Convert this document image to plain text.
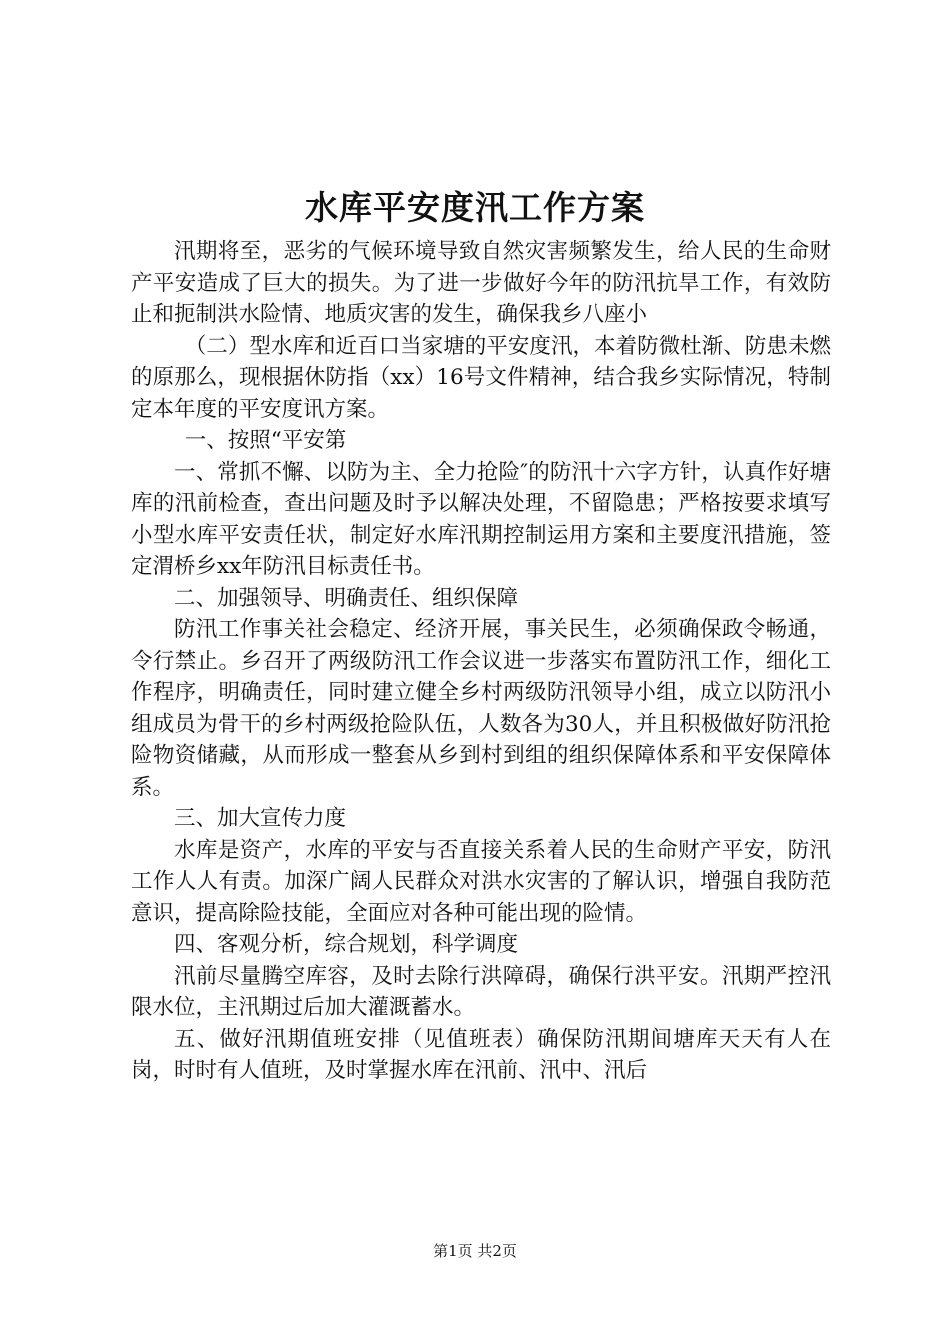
水库平安度汛工作方案

汛期将至，恶劣的气候环境导致自然灾害频繁发生，给人民的生命财产平安造成了巨大的损失。为了进一步做好今年的防汛抗旱工作，有效防止和扼制洪水险情、地质灾害的发生，确保我乡八座小

（二）型水库和近百口当家塘的平安度汛，本着防微杜渐、防患未燃的原那么，现根据休防指（xx）16号文件精神，结合我乡实际情况，特制定本年度的平安度讯方案。

一、按照“平安第

一、常抓不懈、以防为主、全力抢险″的防汛十六字方针，认真作好塘库的汛前检查，查出问题及时予以解决处理，不留隐患；严格按要求填写小型水库平安责任状，制定好水库汛期控制运用方案和主要度汛措施，签定渭桥乡xx年防汛目标责任书。

二、加强领导、明确责任、组织保障

防汛工作事关社会稳定、经济开展，事关民生，必须确保政令畅通，令行禁止。乡召开了两级防汛工作会议进一步落实布置防汛工作，细化工作程序，明确责任，同时建立健全乡村两级防汛领导小组，成立以防汛小组成员为骨干的乡村两级抢险队伍，人数各为30人，并且积极做好防汛抢险物资储藏，从而形成一整套从乡到村到组的组织保障体系和平安保障体系。

三、加大宣传力度

水库是资产，水库的平安与否直接关系着人民的生命财产平安，防汛工作人人有责。加深广阔人民群众对洪水灾害的了解认识，增强自我防范意识，提高除险技能，全面应对各种可能出现的险情。

四、客观分析，综合规划，科学调度

汛前尽量腾空库容，及时去除行洪障碍，确保行洪平安。汛期严控汛限水位，主汛期过后加大灌溉蓄水。

五、做好汛期值班安排（见值班表）确保防汛期间塘库天天有人在岗，时时有人值班，及时掌握水库在汛前、汛中、汛后

第1页 共2页
